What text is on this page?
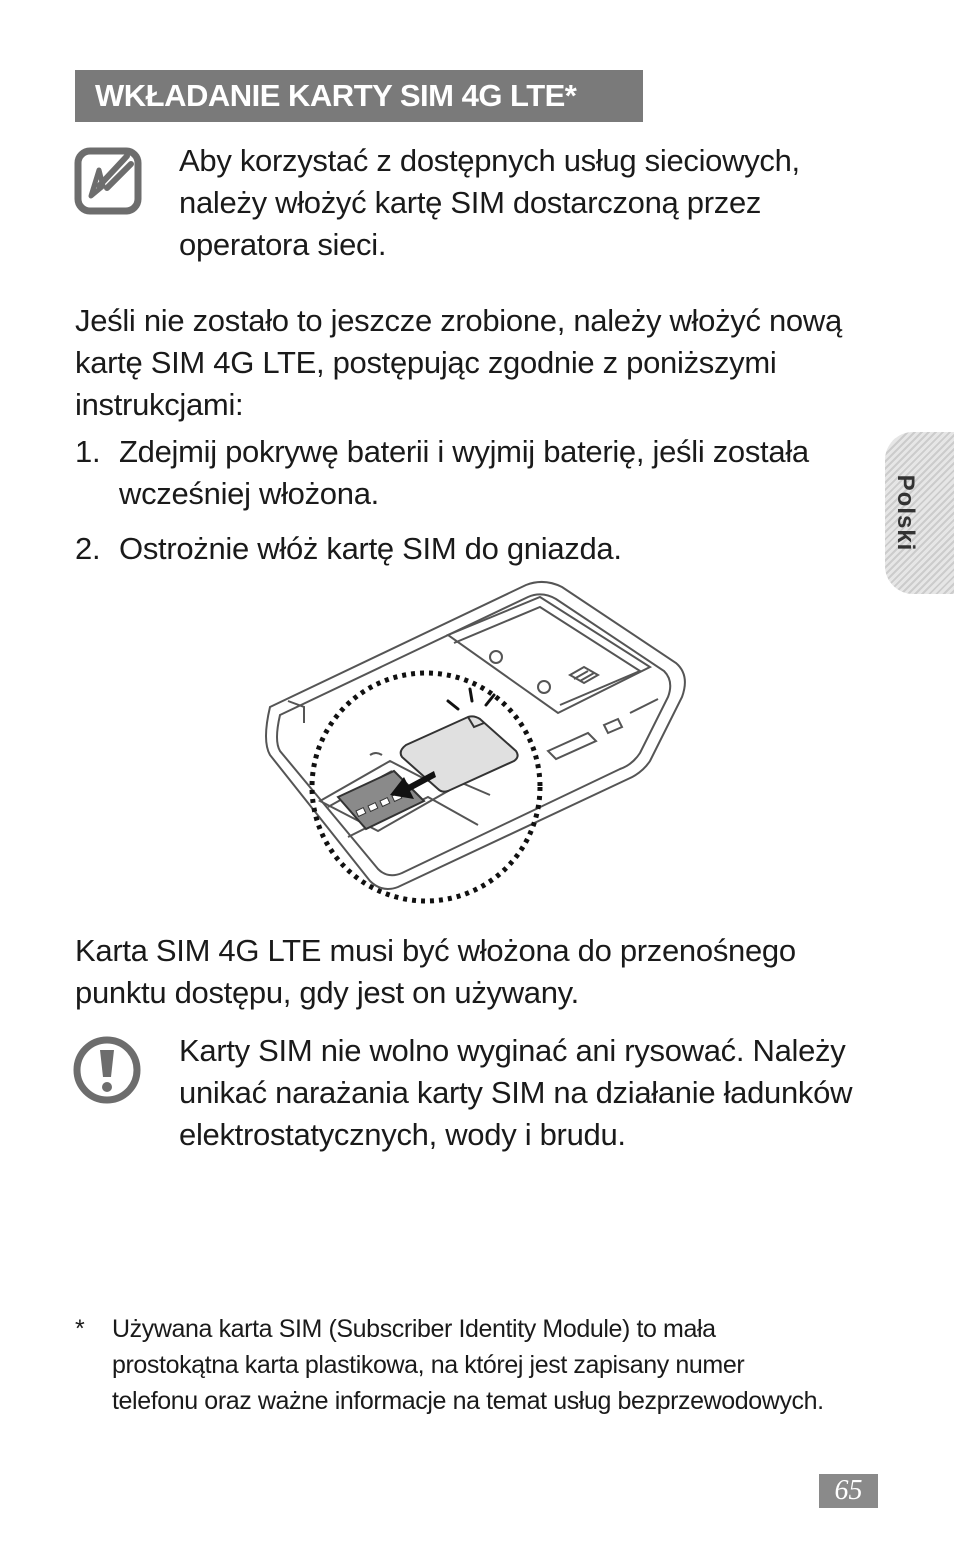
WKŁADANIE KARTY SIM 4G LTE*
Aby korzystać z dostępnych usług sieciowych, należy włożyć kartę SIM dostarczoną przez operatora sieci.
Jeśli nie zostało to jeszcze zrobione, należy włożyć nową kartę SIM 4G LTE, postępując zgodnie z poniższymi instrukcjami:
1. Zdejmij pokrywę baterii i wyjmij baterię, jeśli została wcześniej włożona.
2. Ostrożnie włóż kartę SIM do gniazda.
Karta SIM 4G LTE musi być włożona do przenośnego punktu dostępu, gdy jest on używany.
Karty SIM nie wolno wyginać ani rysować. Należy unikać narażania karty SIM na działanie ładunków elektrostatycznych, wody i brudu.
* Używana karta SIM (Subscriber Identity Module) to mała prostokątna karta plastikowa, na której jest zapisany numer telefonu oraz ważne informacje na temat usług bezprzewodowych.
Polski
65
